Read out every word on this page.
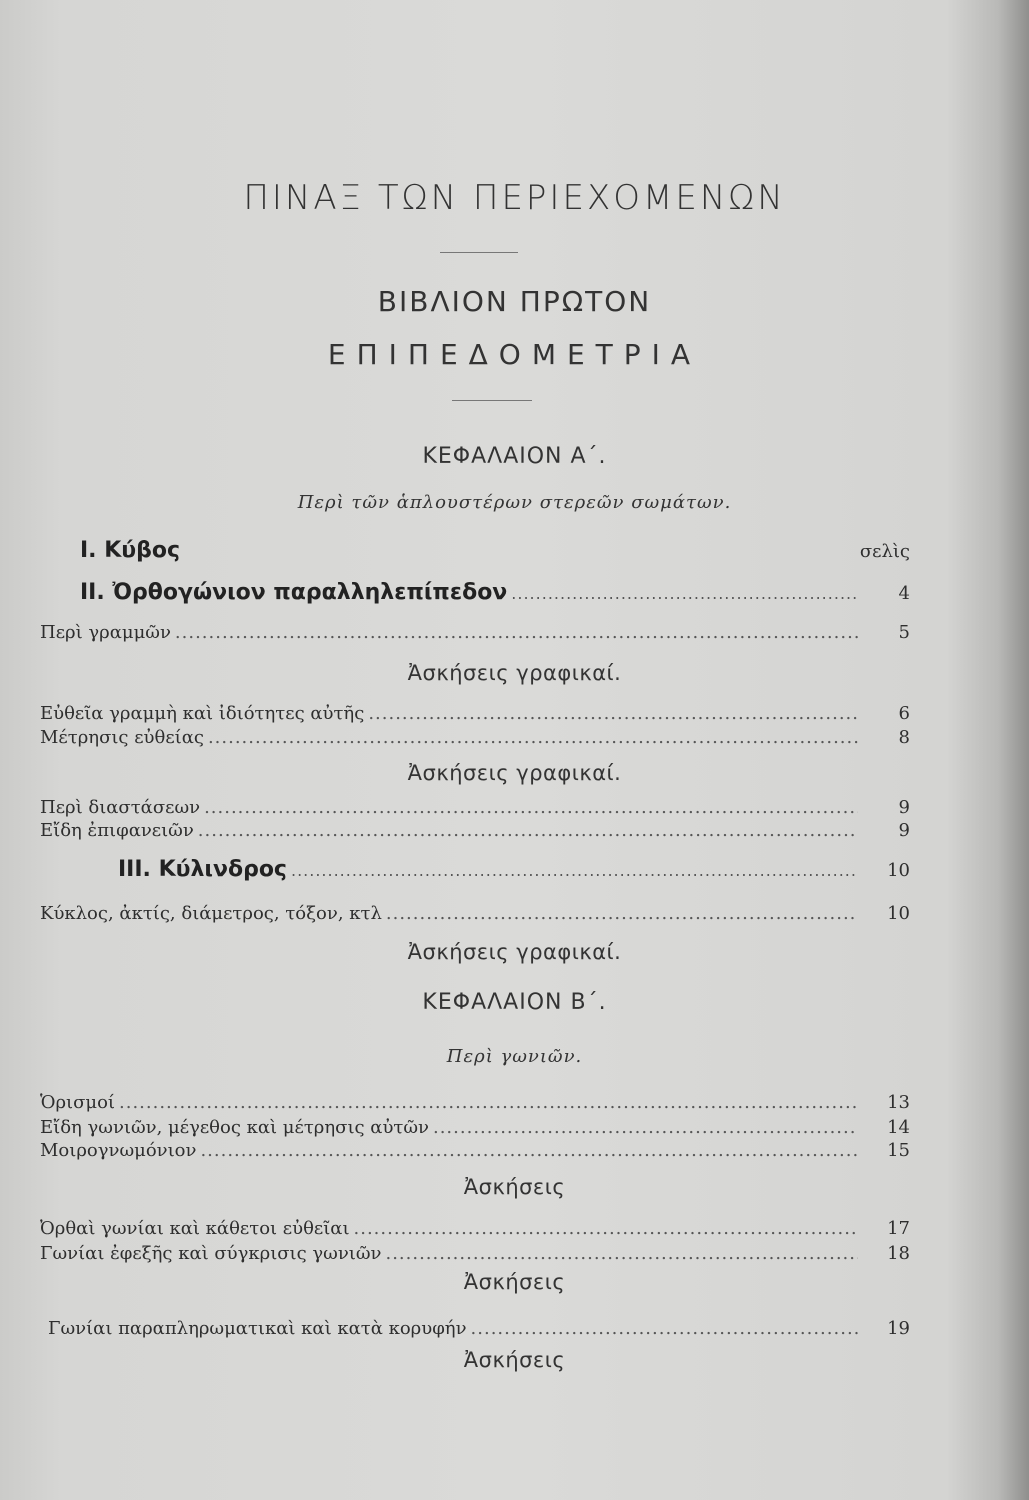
ΠΙΝΑΞ ΤΩΝ ΠΕΡΙΕΧΟΜΕΝΩΝ
ΒΙΒΛΙΟΝ ΠΡΩΤΟΝ
ΕΠΙΠΕΔΟΜΕΤΡΙΑ
ΚΕΦΑΛΑΙΟΝ Α΄.
Περὶ τῶν ἁπλουστέρων στερεῶν σωμάτων.
I. Κύβος	σελὶς
II. Ὀρθογώνιον παραλληλεπίπεδον .....	4
Περὶ γραμμῶν .....	5
Ἀσκήσεις γραφικαί.
Εὐθεῖα γραμμὴ καὶ ἰδιότητες αὐτῆς .....	6
Μέτρησις εὐθείας .....	8
Ἀσκήσεις γραφικαί.
Περὶ διαστάσεων .....	9
Εἴδη ἐπιφανειῶν .....	9
III. Κύλινδρος .....	10
Κύκλος, ἀκτίς, διάμετρος, τόξον, κτλ .....	10
Ἀσκήσεις γραφικαί.
ΚΕΦΑΛΑΙΟΝ Β΄.
Περὶ γωνιῶν.
Ὁρισμοί .....	13
Εἴδη γωνιῶν, μέγεθος καὶ μέτρησις αὐτῶν .....	14
Μοιρογνωμόνιον .....	15
Ἀσκήσεις
Ὀρθαὶ γωνίαι καὶ κάθετοι εὐθεῖαι .....	17
Γωνίαι ἐφεξῆς καὶ σύγκρισις γωνιῶν .....	18
Ἀσκήσεις
Γωνίαι παραπληρωματικαὶ καὶ κατὰ κορυφήν .....	19
Ἀσκήσεις
